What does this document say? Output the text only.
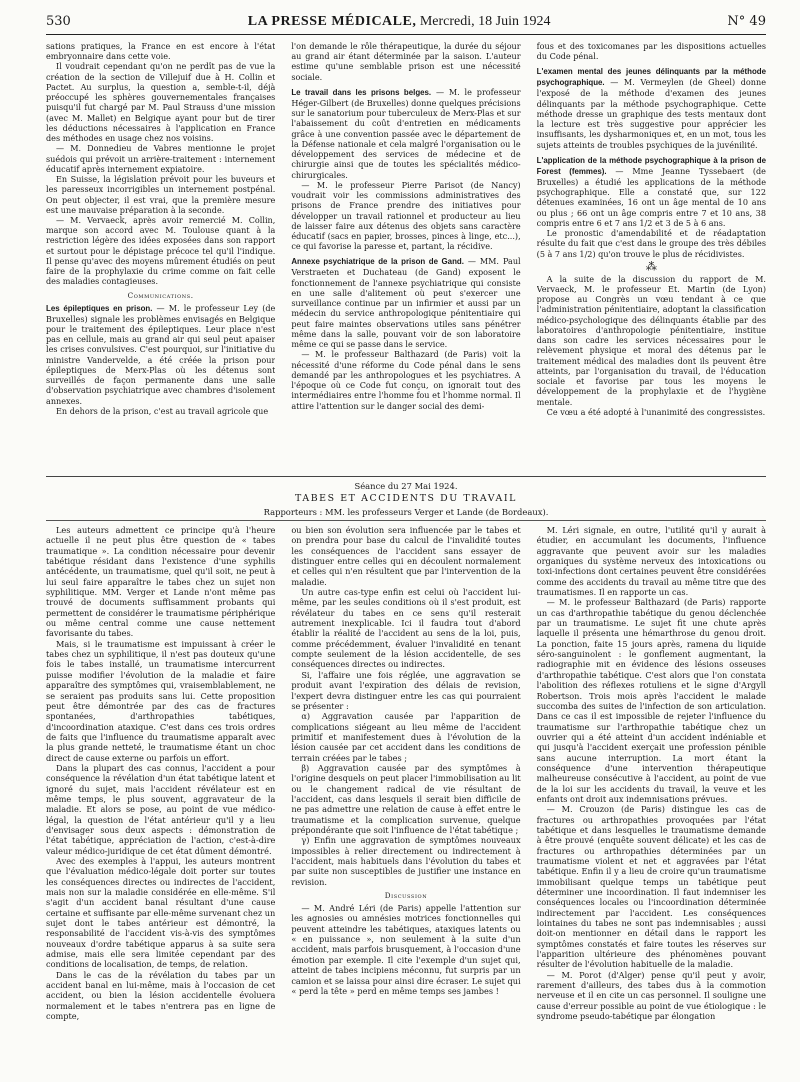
530	LA PRESSE MÉDICALE, Mercredi, 18 Juin 1924	N° 49

sations pratiques, la France en est encore à l'état embryonnaire dans cette voie.

Il voudrait cependant qu'on ne perdît pas de vue la création de la section de Villejuif due à H. Collin et Pactet. Au surplus, la question a, semble-t-il, déjà préoccupé les sphères gouvernementales françaises puisqu'il fut chargé par M. Paul Strauss d'une mission (avec M. Mallet) en Belgique ayant pour but de tirer les déductions nécessaires à l'application en France des méthodes en usage chez nos voisins.

— M. Donnedieu de Vabres mentionne le projet suédois qui prévoit un arrière-traitement : internement éducatif après internement expiatoire.

En Suisse, la législation prévoit pour les buveurs et les paresseux incorrigibles un internement postpénal. On peut objecter, il est vrai, que la première mesure est une mauvaise préparation à la seconde.

— M. Vervaeck, après avoir remercié M. Collin, marque son accord avec M. Toulouse quant à la restriction légère des idées exposées dans son rapport et surtout pour le dépistage précoce tel qu'il l'indique. Il pense qu'avec des moyens mûrement étudiés on peut faire de la prophylaxie du crime comme on fait celle des maladies contagieuses.

Communications.

Les épileptiques en prison. — M. le professeur Ley (de Bruxelles) signale les problèmes envisagés en Belgique pour le traitement des épileptiques. Leur place n'est pas en cellule, mais au grand air qui seul peut apaiser les crises convulsives. C'est pourquoi, sur l'initiative du ministre Vandervelde, a été créée la prison pour épileptiques de Merx-Plas où les détenus sont surveillés de façon permanente dans une salle d'observation psychiatrique avec chambres d'isolement annexes.

En dehors de la prison, c'est au travail agricole que

l'on demande le rôle thérapeutique, la durée du séjour au grand air étant déterminée par la saison. L'auteur estime qu'une semblable prison est une nécessité sociale.

Le travail dans les prisons belges. — M. le professeur Héger-Gilbert (de Bruxelles) donne quelques précisions sur le sanatorium pour tuberculeux de Merx-Plas et sur l'abaissement du coût d'entretien en médicaments grâce à une convention passée avec le département de la Défense nationale et cela malgré l'organisation ou le développement des services de médecine et de chirurgie ainsi que de toutes les spécialités médico-chirurgicales.

— M. le professeur Pierre Parisot (de Nancy) voudrait voir les commissions administratives des prisons de France prendre des initiatives pour développer un travail rationnel et producteur au lieu de laisser faire aux détenus des objets sans caractère éducatif (sacs en papier, brosses, pinces à linge, etc...), ce qui favorise la paresse et, partant, la récidive.

Annexe psychiatrique de la prison de Gand. — MM. Paul Verstraeten et Duchateau (de Gand) exposent le fonctionnement de l'annexe psychiatrique qui consiste en une salle d'alitement où peut s'exercer une surveillance continue par un infirmier et aussi par un médecin du service anthropologique pénitentiaire qui peut faire maintes observations utiles sans pénétrer même dans la salle, pouvant voir de son laboratoire même ce qui se passe dans le service.

— M. le professeur Balthazard (de Paris) voit la nécessité d'une réforme du Code pénal dans le sens demandé par les anthropologues et les psychiatres. A l'époque où ce Code fut conçu, on ignorait tout des intermédiaires entre l'homme fou et l'homme normal. Il attire l'attention sur le danger social des demi-

fous et des toxicomanes par les dispositions actuelles du Code pénal.

L'examen mental des jeunes délinquants par la méthode psychographique. — M. Vermeylen (de Gheel) donne l'exposé de la méthode d'examen des jeunes délinquants par la méthode psychographique. Cette méthode dresse un graphique des tests mentaux dont la lecture est très suggestive pour apprécier les insuffisants, les dysharmoniques et, en un mot, tous les sujets atteints de troubles psychiques de la juvénilité.

L'application de la méthode psychographique à la prison de Forest (femmes). — Mme Jeanne Tyssebaert (de Bruxelles) a étudié les applications de la méthode psychographique. Elle a constaté que, sur 122 détenues examinées, 16 ont un âge mental de 10 ans ou plus ; 66 ont un âge compris entre 7 et 10 ans, 38 compris entre 6 et 7 ans 1/2 et 3 de 5 à 6 ans.

Le pronostic d'amendabilité et de réadaptation résulte du fait que c'est dans le groupe des très débiles (5 à 7 ans 1/2) qu'on trouve le plus de récidivistes.

⁂

A la suite de la discussion du rapport de M. Vervaeck, M. le professeur Et. Martin (de Lyon) propose au Congrès un vœu tendant à ce que l'administration pénitentiaire, adoptant la classification médico-psychologique des délinquants établie par des laboratoires d'anthropologie pénitentiaire, institue dans son cadre les services nécessaires pour le relèvement physique et moral des détenus par le traitement médical des maladies dont ils peuvent être atteints, par l'organisation du travail, de l'éducation sociale et favorise par tous les moyens le développement de la prophylaxie et de l'hygiène mentale.

Ce vœu a été adopté à l'unanimité des congressistes.

Séance du 27 Mai 1924.
TABES ET ACCIDENTS DU TRAVAIL
Rapporteurs : MM. les professeurs Verger et Lande (de Bordeaux).

Les auteurs admettent ce principe qu'à l'heure actuelle il ne peut plus être question de « tabes traumatique ». La condition nécessaire pour devenir tabétique résidant dans l'existence d'une syphilis antécédente, un traumatisme, quel qu'il soit, ne peut à lui seul faire apparaître le tabes chez un sujet non syphilitique. MM. Verger et Lande n'ont même pas trouvé de documents suffisamment probants qui permettent de considérer le traumatisme périphérique ou même central comme une cause nettement favorisante du tabes.

Mais, si le traumatisme est impuissant à créer le tabes chez un syphilitique, il n'est pas douteux qu'une fois le tabes installé, un traumatisme intercurrent puisse modifier l'évolution de la maladie et faire apparaître des symptômes qui, vraisemblablement, ne se seraient pas produits sans lui. Cette proposition peut être démontrée par des cas de fractures spontanées, d'arthropathies tabétiques, d'incoordination ataxique. C'est dans ces trois ordres de faits que l'influence du traumatisme apparaît avec la plus grande netteté, le traumatisme étant un choc direct de cause externe ou parfois un effort.

Dans la plupart des cas connus, l'accident a pour conséquence la révélation d'un état tabétique latent et ignoré du sujet, mais l'accident révélateur est en même temps, le plus souvent, aggravateur de la maladie. Et alors se pose, au point de vue médico-légal, la question de l'état antérieur qu'il y a lieu d'envisager sous deux aspects : démonstration de l'état tabétique, appréciation de l'action, c'est-à-dire valeur médico-juridique de cet état dûment démontré.

Avec des exemples à l'appui, les auteurs montrent que l'évaluation médico-légale doit porter sur toutes les conséquences directes ou indirectes de l'accident, mais non sur la maladie considérée en elle-même. S'il s'agit d'un accident banal résultant d'une cause certaine et suffisante par elle-même survenant chez un sujet dont le tabes antérieur est démontré, la responsabilité de l'accident vis-à-vis des symptômes nouveaux d'ordre tabétique apparus à sa suite sera admise, mais elle sera limitée cependant par des conditions de localisation, de temps, de relation.

Dans le cas de la révélation du tabes par un accident banal en lui-même, mais à l'occasion de cet accident, ou bien la lésion accidentelle évoluera normalement et le tabes n'entrera pas en ligne de compte,

ou bien son évolution sera influencée par le tabes et on prendra pour base du calcul de l'invalidité toutes les conséquences de l'accident sans essayer de distinguer entre celles qui en découlent normalement et celles qui n'en résultent que par l'intervention de la maladie.

Un autre cas-type enfin est celui où l'accident lui-même, par les seules conditions où il s'est produit, est révélateur du tabes en ce sens qu'il resterait autrement inexplicable. Ici il faudra tout d'abord établir la réalité de l'accident au sens de la loi, puis, comme précédemment, évaluer l'invalidité en tenant compte seulement de la lésion accidentelle, de ses conséquences directes ou indirectes.

Si, l'affaire une fois réglée, une aggravation se produit avant l'expiration des délais de revision, l'expert devra distinguer entre les cas qui pourraient se présenter :

α) Aggravation causée par l'apparition de complications siégeant au lieu même de l'accident primitif et manifestement dues à l'évolution de la lésion causée par cet accident dans les conditions de terrain créées par le tabes ;

β) Aggravation causée par des symptômes à l'origine desquels on peut placer l'immobilisation au lit ou le changement radical de vie résultant de l'accident, cas dans lesquels il serait bien difficile de ne pas admettre une relation de cause à effet entre le traumatisme et la complication survenue, quelque prépondérante que soit l'influence de l'état tabétique ;

γ) Enfin une aggravation de symptômes nouveaux impossibles à relier directement ou indirectement à l'accident, mais habituels dans l'évolution du tabes et par suite non susceptibles de justifier une instance en revision.

Discussion

— M. André Léri (de Paris) appelle l'attention sur les agnosies ou amnésies motrices fonctionnelles qui peuvent atteindre les tabétiques, ataxiques latents ou « en puissance », non seulement à la suite d'un accident, mais parfois brusquement, à l'occasion d'une émotion par exemple. Il cite l'exemple d'un sujet qui, atteint de tabes incipiens méconnu, fut surpris par un camion et se laissa pour ainsi dire écraser. Le sujet qui « perd la tête » perd en même temps ses jambes !

M. Léri signale, en outre, l'utilité qu'il y aurait à étudier, en accumulant les documents, l'influence aggravante que peuvent avoir sur les maladies organiques du système nerveux des intoxications ou toxi-infections dont certaines peuvent être considérées comme des accidents du travail au même titre que des traumatismes. Il en rapporte un cas.

— M. le professeur Balthazard (de Paris) rapporte un cas d'arthropathie tabétique du genou déclenchée par un traumatisme. Le sujet fit une chute après laquelle il présenta une hémarthrose du genou droit. La ponction, faite 15 jours après, ramena du liquide séro-sanguinolent : le gonflement augmentant, la radiographie mit en évidence des lésions osseuses d'arthropathie tabétique. C'est alors que l'on constata l'abolition des réflexes rotuliens et le signe d'Argyll Robertson. Trois mois après l'accident le malade succomba des suites de l'infection de son articulation. Dans ce cas il est impossible de rejeter l'influence du traumatisme sur l'arthropathie tabétique chez un ouvrier qui a été atteint d'un accident indéniable et qui jusqu'à l'accident exerçait une profession pénible sans aucune interruption. La mort étant la conséquence d'une intervention thérapeutique malheureuse consécutive à l'accident, au point de vue de la loi sur les accidents du travail, la veuve et les enfants ont droit aux indemnisations prévues.

— M. Crouzon (de Paris) distingue les cas de fractures ou arthropathies provoquées par l'état tabétique et dans lesquelles le traumatisme demande à être prouvé (enquête souvent délicate) et les cas de fractures ou arthropathies déterminées par un traumatisme violent et net et aggravées par l'état tabétique. Enfin il y a lieu de croire qu'un traumatisme immobilisant quelque temps un tabétique peut déterminer une incoordination. Il faut indemniser les conséquences locales ou l'incoordination déterminée indirectement par l'accident. Les conséquences lointaines du tabes ne sont pas indemnisables ; aussi doit-on mentionner en détail dans le rapport les symptômes constatés et faire toutes les réserves sur l'apparition ultérieure des phénomènes pouvant résulter de l'évolution habituelle de la maladie.

— M. Porot (d'Alger) pense qu'il peut y avoir, rarement d'ailleurs, des tabes dus à la commotion nerveuse et il en cite un cas personnel. Il souligne une cause d'erreur possible au point de vue étiologique : le syndrome pseudo-tabétique par élongation
